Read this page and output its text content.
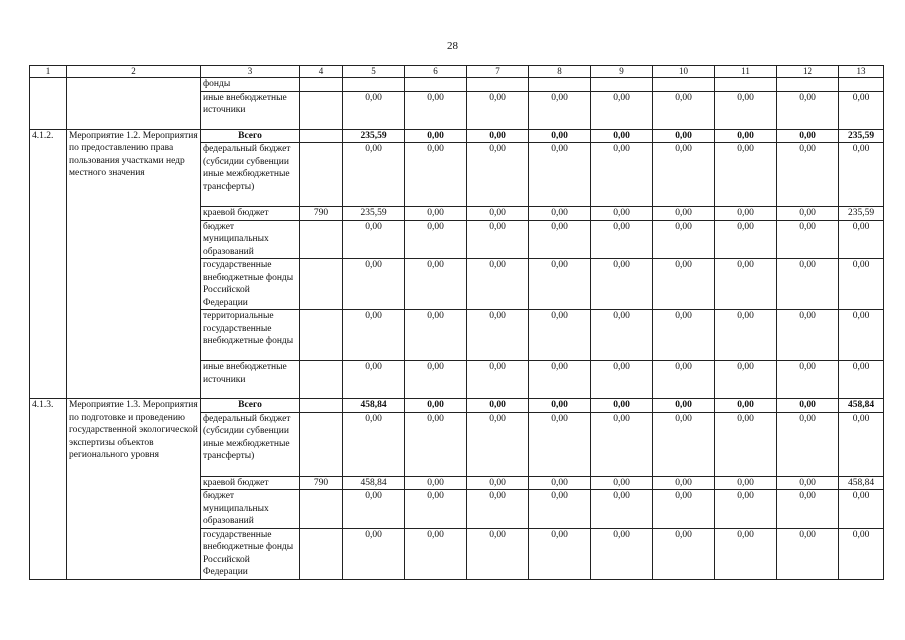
28
1	2	3	4	5	6	7	8	9	10	11	12	13
		фонды										
		иные внебюджетные источники		0,00	0,00	0,00	0,00	0,00	0,00	0,00	0,00	0,00
4.1.2.	Мероприятие 1.2. Мероприятия по предоставлению права пользования участками недр местного значения	Всего		235,59	0,00	0,00	0,00	0,00	0,00	0,00	0,00	235,59
		федеральный бюджет (субсидии субвенции иные межбюджетные трансферты)		0,00	0,00	0,00	0,00	0,00	0,00	0,00	0,00	0,00
		краевой бюджет	790	235,59	0,00	0,00	0,00	0,00	0,00	0,00	0,00	235,59
		бюджет муниципальных образований		0,00	0,00	0,00	0,00	0,00	0,00	0,00	0,00	0,00
		государственные внебюджетные фонды Российской Федерации		0,00	0,00	0,00	0,00	0,00	0,00	0,00	0,00	0,00
		территориальные государственные внебюджетные фонды		0,00	0,00	0,00	0,00	0,00	0,00	0,00	0,00	0,00
		иные внебюджетные источники		0,00	0,00	0,00	0,00	0,00	0,00	0,00	0,00	0,00
4.1.3.	Мероприятие 1.3. Мероприятия по подготовке и проведению государственной экологической экспертизы объектов регионального уровня	Всего		458,84	0,00	0,00	0,00	0,00	0,00	0,00	0,00	458,84
		федеральный бюджет (субсидии субвенции иные межбюджетные трансферты)		0,00	0,00	0,00	0,00	0,00	0,00	0,00	0,00	0,00
		краевой бюджет	790	458,84	0,00	0,00	0,00	0,00	0,00	0,00	0,00	458,84
		бюджет муниципальных образований		0,00	0,00	0,00	0,00	0,00	0,00	0,00	0,00	0,00
		государственные внебюджетные фонды Российской Федерации		0,00	0,00	0,00	0,00	0,00	0,00	0,00	0,00	0,00
